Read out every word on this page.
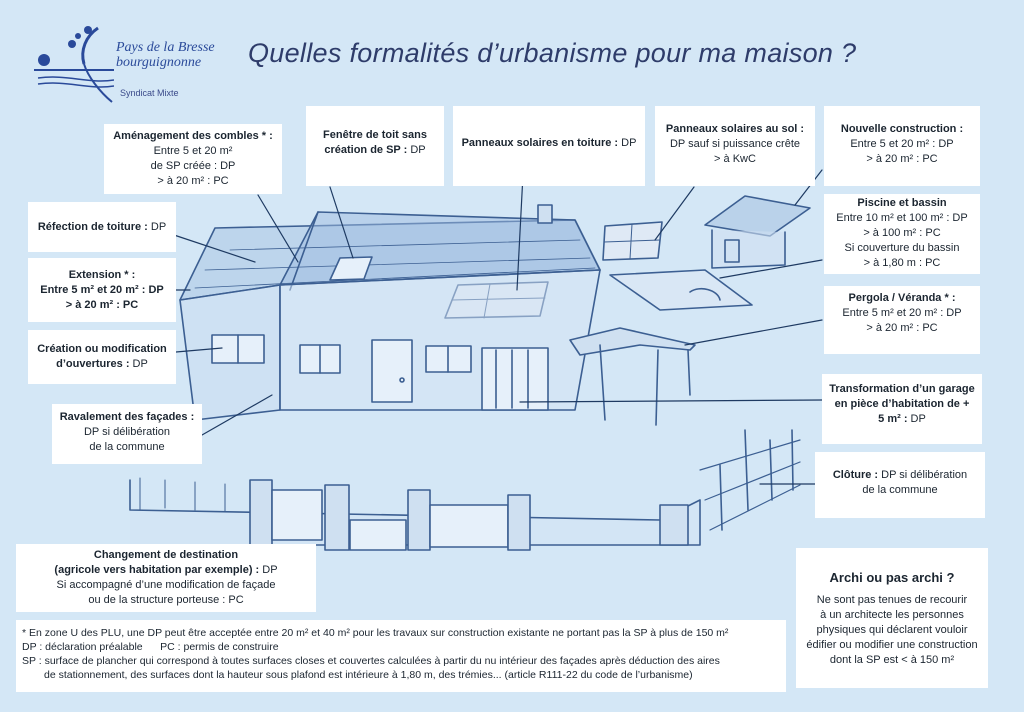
Pays de la Bresse
bourguignonne
Syndicat Mixte
Quelles formalités d’urbanisme pour ma maison ?
Aménagement des combles * :
Entre 5 et 20 m²
de SP créée : DP
> à 20 m² : PC
Fenêtre de toit sans
création de SP : DP
Panneaux solaires en toiture : DP
Panneaux solaires au sol :
DP sauf si puissance crête
> à KwC
Nouvelle construction :
Entre 5 et 20 m² : DP
> à 20 m² : PC
Piscine et bassin
Entre 10 m² et 100 m² : DP
> à 100 m² : PC
Si couverture du bassin
> à 1,80 m : PC
Réfection de toiture : DP
Extension * :
Entre 5 m² et 20 m² : DP
> à 20 m² : PC
Pergola / Véranda * :
Entre 5 m² et 20 m² : DP
> à 20 m² : PC
Création ou modification
d’ouvertures : DP
Transformation d’un garage
en pièce d’habitation de +
5 m² : DP
Ravalement des façades :
DP si délibération
de la commune
Clôture : DP si délibération
de la commune
Changement de destination
(agricole vers habitation par exemple) : DP
Si accompagné d’une modification de façade
ou de la structure porteuse : PC
Archi ou pas archi ?
Ne sont pas tenues de recourir
à un architecte les personnes
physiques qui déclarent vouloir
édifier ou modifier une construction
dont la SP est < à 150 m²
* En zone U des PLU, une DP peut être acceptée entre 20 m² et 40 m² pour les travaux sur construction existante ne portant pas la SP à plus de 150 m²
DP : déclaration préalable      PC : permis de construire
SP : surface de plancher qui correspond à toutes surfaces closes et couvertes calculées à partir du nu intérieur des façades après déduction des aires
de stationnement, des surfaces dont la hauteur sous plafond est intérieure à 1,80 m, des trémies... (article R111-22 du code de l’urbanisme)
